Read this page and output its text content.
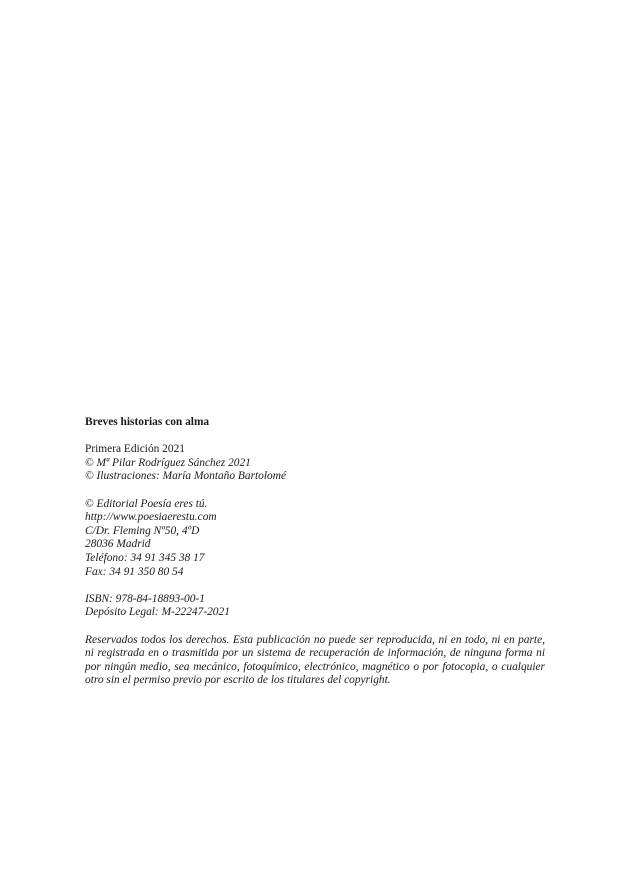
Breves historias con alma

Primera Edición 2021
© Mª Pilar Rodríguez Sánchez 2021
© Ilustraciones: María Montaño Bartolomé
© Editorial Poesía eres tú.
http://www.poesiaerestu.com
C/Dr. Fleming Nº50, 4ºD
28036 Madrid
Teléfono: 34 91 345 38 17
Fax: 34 91 350 80 54
ISBN: 978-84-18893-00-1
Depósito Legal: M-22247-2021

Reservados todos los derechos. Esta publicación no puede ser reproducida, ni en todo, ni en parte, ni registrada en o trasmitida por un sistema de recuperación de información, de ninguna forma ni por ningún medio, sea mecánico, fotoquímico, electrónico, magnético o por fotocopia, o cualquier otro sin el permiso previo por escrito de los titulares del copyright.
